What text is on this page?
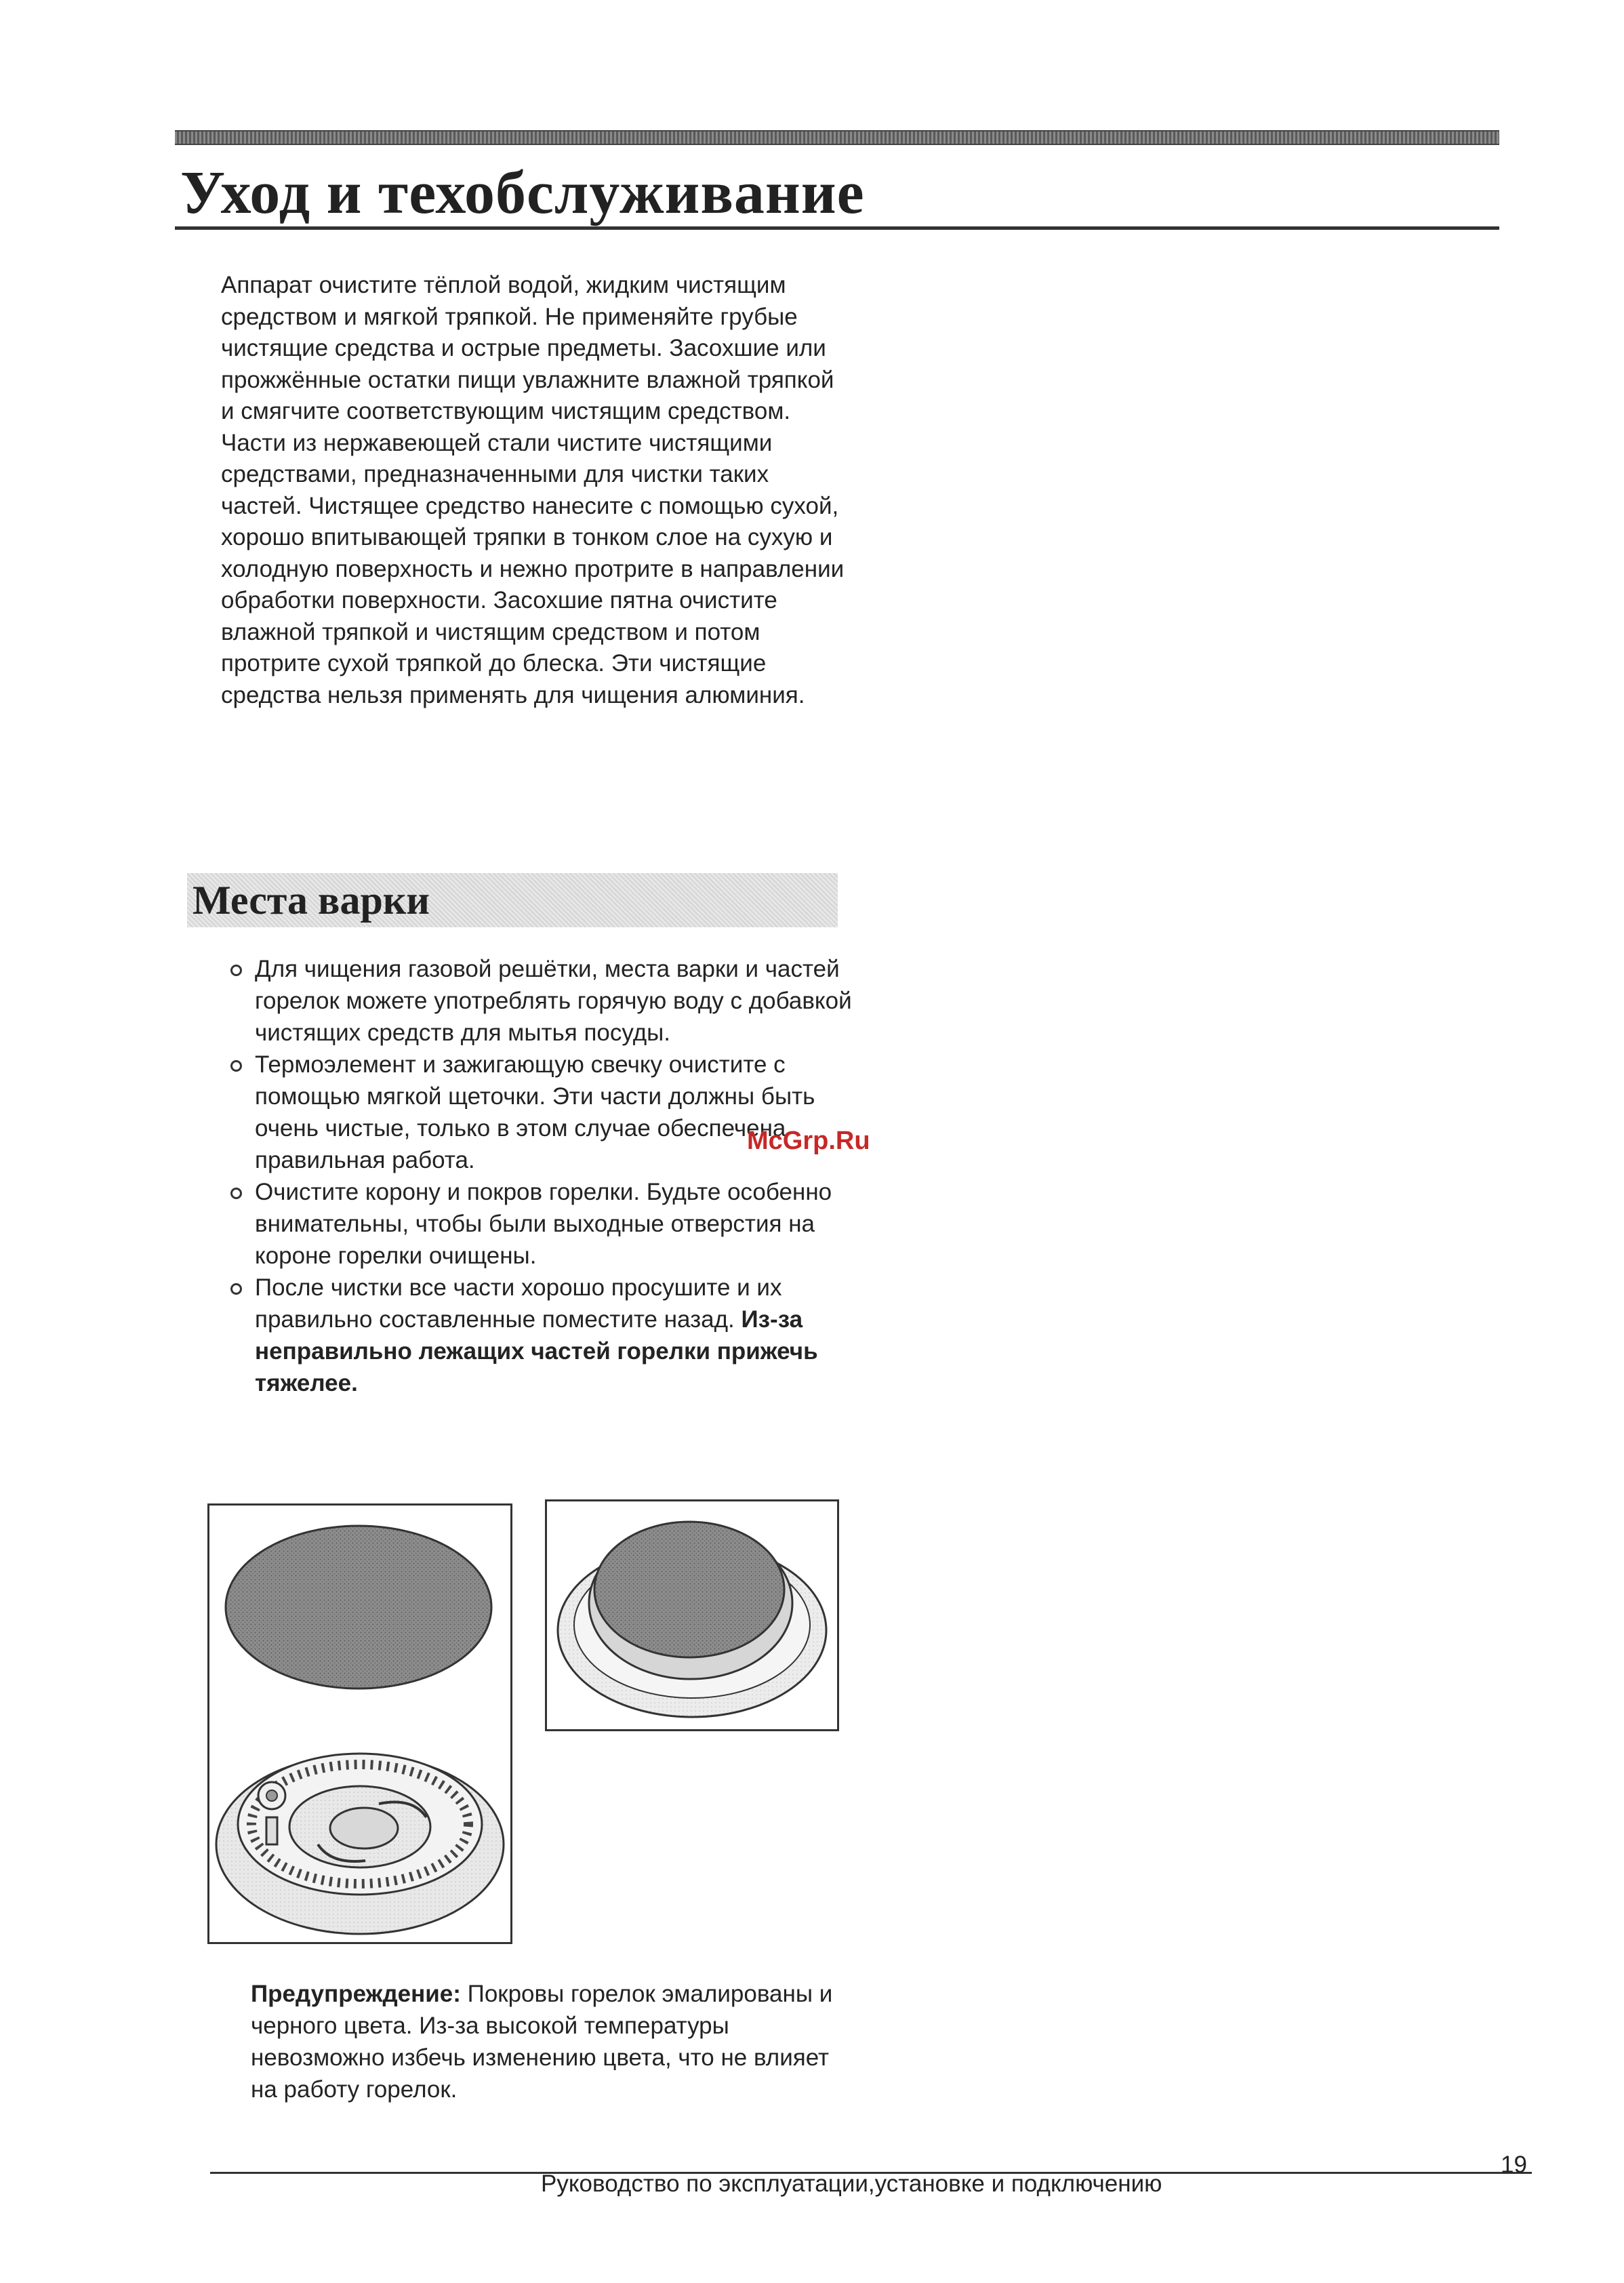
Уход и техобслуживание

Аппарат очистите тёплой водой, жидким чистящим средством и мягкой тряпкой. Не применяйте грубые чистящие средства и острые предметы. Засохшие или прожжённые остатки пищи увлажните влажной тряпкой и смягчите соответствующим чистящим средством.

Части из нержавеющей стали чистите чистящими средствами, предназначенными для чистки таких частей. Чистящее средство нанесите с помощью сухой, хорошо впитывающей тряпки в тонком слое на сухую и холодную поверхность и нежно протрите в направлении обработки поверхности. Засохшие пятна очистите влажной тряпкой и чистящим средством и потом протрите сухой тряпкой до блеска. Эти чистящие средства нельзя применять для чищения алюминия.

Места варки
Для чищения газовой решётки, места варки и частей горелок можете употреблять горячую воду с добавкой чистящих средств для мытья посуды.
Термоэлемент и зажигающую свечку очистите с помощью мягкой щеточки. Эти части должны быть очень чистые, только в этом случае обеспечена правильная работа.
Очистите корону и покров горелки. Будьте особенно внимательны, чтобы были выходные отверстия на короне горелки очищены.
После чистки все части хорошо просушите и их правильно составленные поместите назад. Из-за неправильно лежащих частей горелки прижечь тяжелее.

McGrp.Ru

Предупреждение: Покровы горелок эмалированы и черного цвета. Из-за высокой температуры невозможно избечь изменению цвета, что не влияет на работу горелок.

Руководство по эксплуатации,установке и подключению

19
